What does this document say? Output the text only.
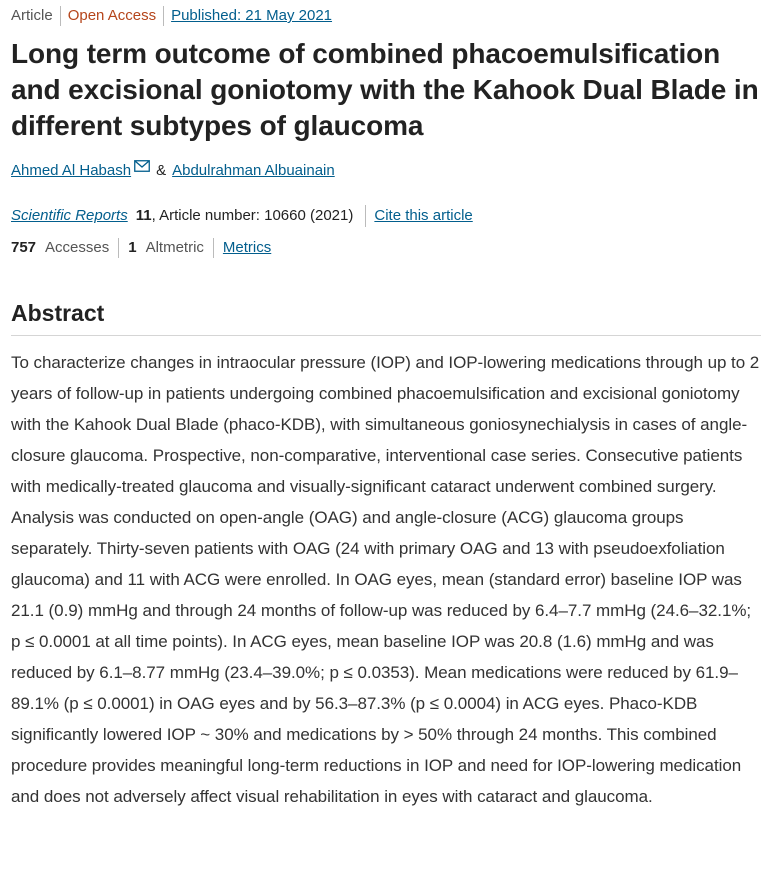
Article Open Access Published: 21 May 2021
Long term outcome of combined phacoemulsification and excisional goniotomy with the Kahook Dual Blade in different subtypes of glaucoma
Ahmed Al Habash & Abdulrahman Albuainain
Scientific Reports 11 , Article number: 10660 (2021) Cite this article
757 Accesses 1 Altmetric Metrics
Abstract

To characterize changes in intraocular pressure (IOP) and IOP-lowering medications through up to 2 years of follow-up in patients undergoing combined phacoemulsification and excisional goniotomy with the Kahook Dual Blade (phaco-KDB), with simultaneous goniosynechialysis in cases of angle-closure glaucoma. Prospective, non-comparative, interventional case series. Consecutive patients with medically-treated glaucoma and visually-significant cataract underwent combined surgery. Analysis was conducted on open-angle (OAG) and angle-closure (ACG) glaucoma groups separately. Thirty-seven patients with OAG (24 with primary OAG and 13 with pseudoexfoliation glaucoma) and 11 with ACG were enrolled. In OAG eyes, mean (standard error) baseline IOP was 21.1 (0.9) mmHg and through 24 months of follow-up was reduced by 6.4–7.7 mmHg (24.6–32.1%; p ≤ 0.0001 at all time points). In ACG eyes, mean baseline IOP was 20.8 (1.6) mmHg and was reduced by 6.1–8.77 mmHg (23.4–39.0%; p ≤ 0.0353). Mean medications were reduced by 61.9–89.1% (p ≤ 0.0001) in OAG eyes and by 56.3–87.3% (p ≤ 0.0004) in ACG eyes. Phaco-KDB significantly lowered IOP ~ 30% and medications by > 50% through 24 months. This combined procedure provides meaningful long-term reductions in IOP and need for IOP-lowering medication and does not adversely affect visual rehabilitation in eyes with cataract and glaucoma.
